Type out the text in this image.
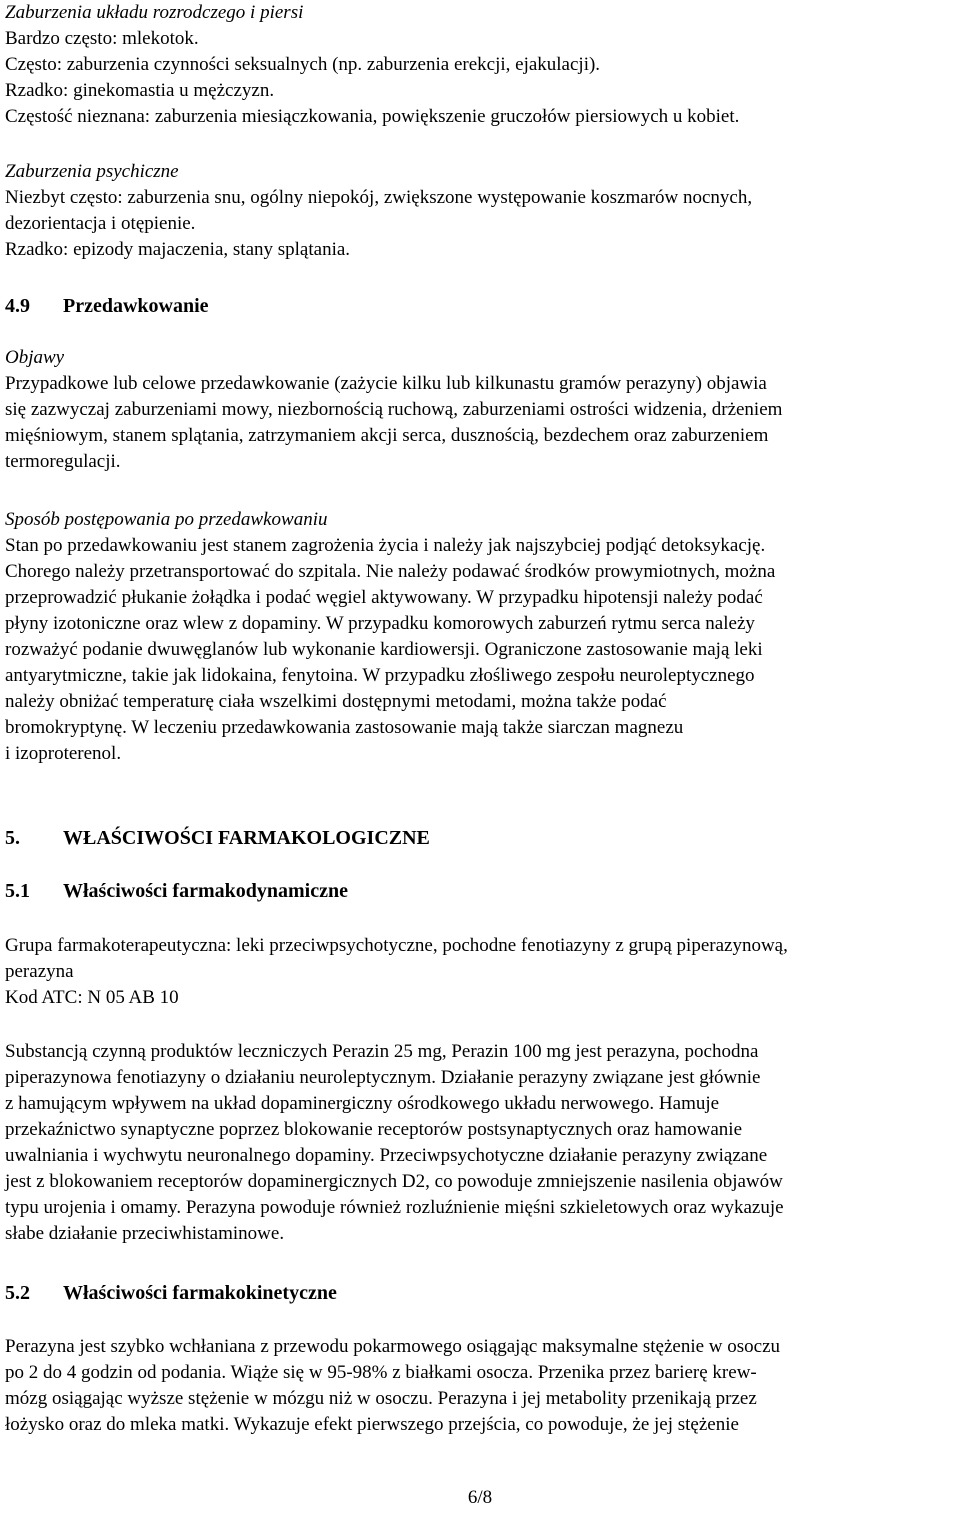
Zaburzenia układu rozrodczego i piersi
Bardzo często: mlekotok.
Często: zaburzenia czynności seksualnych (np. zaburzenia erekcji, ejakulacji).
Rzadko: ginekomastia u mężczyzn.
Częstość nieznana: zaburzenia miesiączkowania, powiększenie gruczołów piersiowych u kobiet.
Zaburzenia psychiczne
Niezbyt często: zaburzenia snu, ogólny niepokój, zwiększone występowanie koszmarów nocnych,
dezorientacja i otępienie.
Rzadko: epizody majaczenia, stany splątania.
4.9 Przedawkowanie
Objawy
Przypadkowe lub celowe przedawkowanie (zażycie kilku lub kilkunastu gramów perazyny) objawia
się zazwyczaj zaburzeniami mowy, niezbornością ruchową, zaburzeniami ostrości widzenia, drżeniem
mięśniowym, stanem splątania, zatrzymaniem akcji serca, dusznością, bezdechem oraz zaburzeniem
termoregulacji.
Sposób postępowania po przedawkowaniu
Stan po przedawkowaniu jest stanem zagrożenia życia i należy jak najszybciej podjąć detoksykację.
Chorego należy przetransportować do szpitala. Nie należy podawać środków prowymiotnych, można
przeprowadzić płukanie żołądka i podać węgiel aktywowany. W przypadku hipotensji należy podać
płyny izotoniczne oraz wlew z dopaminy. W przypadku komorowych zaburzeń rytmu serca należy
rozważyć podanie dwuwęglanów lub wykonanie kardiowersji. Ograniczone zastosowanie mają leki
antyarytmiczne, takie jak lidokaina, fenytoina. W przypadku złośliwego zespołu neuroleptycznego
należy obniżać temperaturę ciała wszelkimi dostępnymi metodami, można także podać
bromokryptynę. W leczeniu przedawkowania zastosowanie mają także siarczan magnezu
i izoproterenol.
5. WŁAŚCIWOŚCI FARMAKOLOGICZNE
5.1 Właściwości farmakodynamiczne
Grupa farmakoterapeutyczna: leki przeciwpsychotyczne, pochodne fenotiazyny z grupą piperazynową,
perazyna
Kod ATC: N 05 AB 10
Substancją czynną produktów leczniczych Perazin 25 mg, Perazin 100 mg jest perazyna, pochodna
piperazynowa fenotiazyny o działaniu neuroleptycznym. Działanie perazyny związane jest głównie
z hamującym wpływem na układ dopaminergiczny ośrodkowego układu nerwowego. Hamuje
przekaźnictwo synaptyczne poprzez blokowanie receptorów postsynaptycznych oraz hamowanie
uwalniania i wychwytu neuronalnego dopaminy. Przeciwpsychotyczne działanie perazyny związane
jest z blokowaniem receptorów dopaminergicznych D2, co powoduje zmniejszenie nasilenia objawów
typu urojenia i omamy. Perazyna powoduje również rozluźnienie mięśni szkieletowych oraz wykazuje
słabe działanie przeciwhistaminowe.
5.2 Właściwości farmakokinetyczne
Perazyna jest szybko wchłaniana z przewodu pokarmowego osiągając maksymalne stężenie w osoczu
po 2 do 4 godzin od podania. Wiąże się w 95-98% z białkami osocza. Przenika przez barierę krew-
mózg osiągając wyższe stężenie w mózgu niż w osoczu. Perazyna i jej metabolity przenikają przez
łożysko oraz do mleka matki. Wykazuje efekt pierwszego przejścia, co powoduje, że jej stężenie
6/8
